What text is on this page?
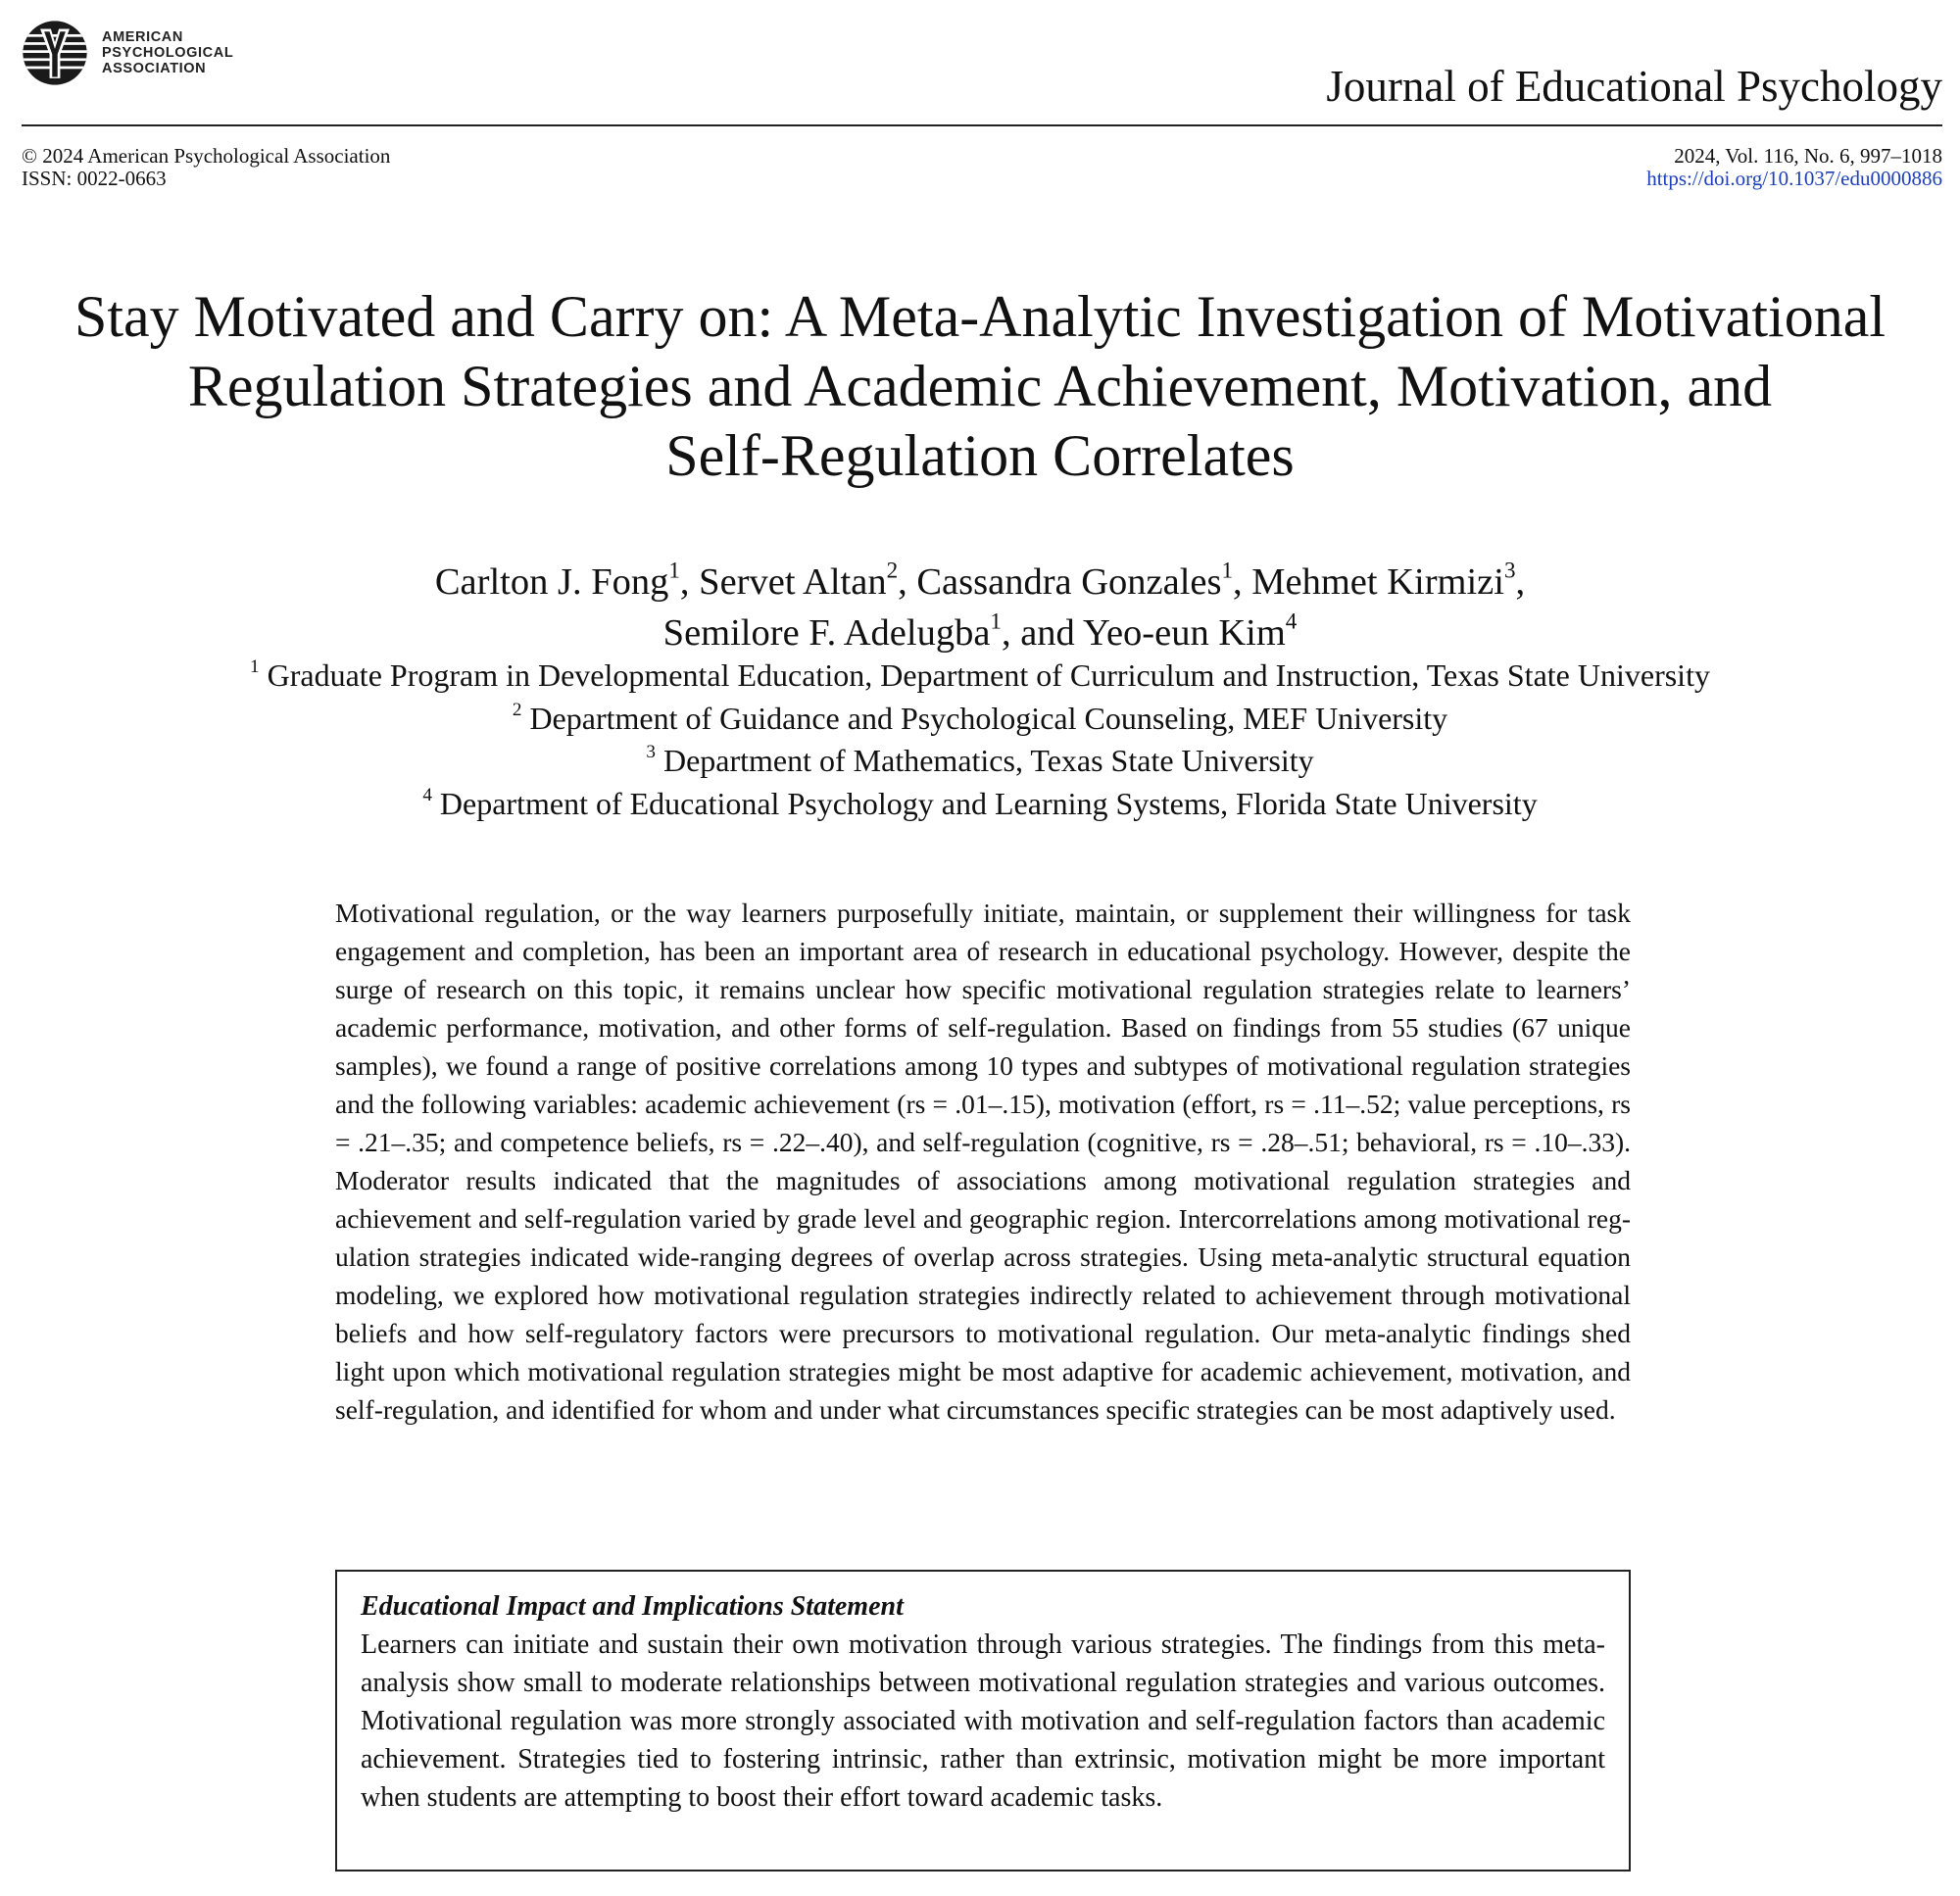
AMERICAN
PSYCHOLOGICAL
ASSOCIATION	Journal of Educational Psychology
© 2024 American Psychological Association
ISSN: 0022-0663
2024, Vol. 116, No. 6, 997–1018
https://doi.org/10.1037/edu0000886
Stay Motivated and Carry on: A Meta-Analytic Investigation of Motivational
Regulation Strategies and Academic Achievement, Motivation, and
Self-Regulation Correlates
Carlton J. Fong$^1$, Servet Altan$^2$, Cassandra Gonzales$^1$, Mehmet Kirmizi$^3$,
Semilore F. Adelugba$^1$, and Yeo-eun Kim$^4$
$^1$ Graduate Program in Developmental Education, Department of Curriculum and Instruction, Texas State University
$^2$ Department of Guidance and Psychological Counseling, MEF University
$^3$ Department of Mathematics, Texas State University
$^4$ Department of Educational Psychology and Learning Systems, Florida State University
Motivational regulation, or the way learners purposefully initiate, maintain, or supplement their willingness for task engagement and completion, has been an important area of research in educational psychology. However, despite the surge of research on this topic, it remains unclear how specific motivational regulation strategies relate to learners’ academic performance, motivation, and other forms of self-regulation. Based on findings from 55 studies (67 unique samples), we found a range of positive correlations among 10 types and subtypes of motivational regulation strategies and the following variables: academic achievement (rs = .01–.15), motivation (effort, rs = .11–.52; value perceptions, rs = .21–.35; and competence beliefs, rs = .22–.40), and self-regulation (cognitive, rs = .28–.51; behavioral, rs = .10–.33). Moderator results indicated that the magnitudes of associations among motivational regulation strategies and achievement and self-regulation varied by grade level and geographic region. Intercorrelations among motivational regulation strategies indicated wide-ranging degrees of overlap across strategies. Using meta-analytic structural equation modeling, we explored how motivational regulation strategies indirectly related to achievement through motivational beliefs and how self-regulatory factors were precursors to motivational regulation. Our meta-analytic findings shed light upon which motivational regulation strategies might be most adaptive for academic achievement, motivation, and self-regulation, and identified for whom and under what circumstances specific strategies can be most adaptively used.
Educational Impact and Implications Statement
Learners can initiate and sustain their own motivation through various strategies. The findings from this meta-analysis show small to moderate relationships between motivational regulation strategies and various outcomes. Motivational regulation was more strongly associated with motivation and self-regulation factors than academic achievement. Strategies tied to fostering intrinsic, rather than extrinsic, motivation might be more important when students are attempting to boost their effort toward academic tasks.
